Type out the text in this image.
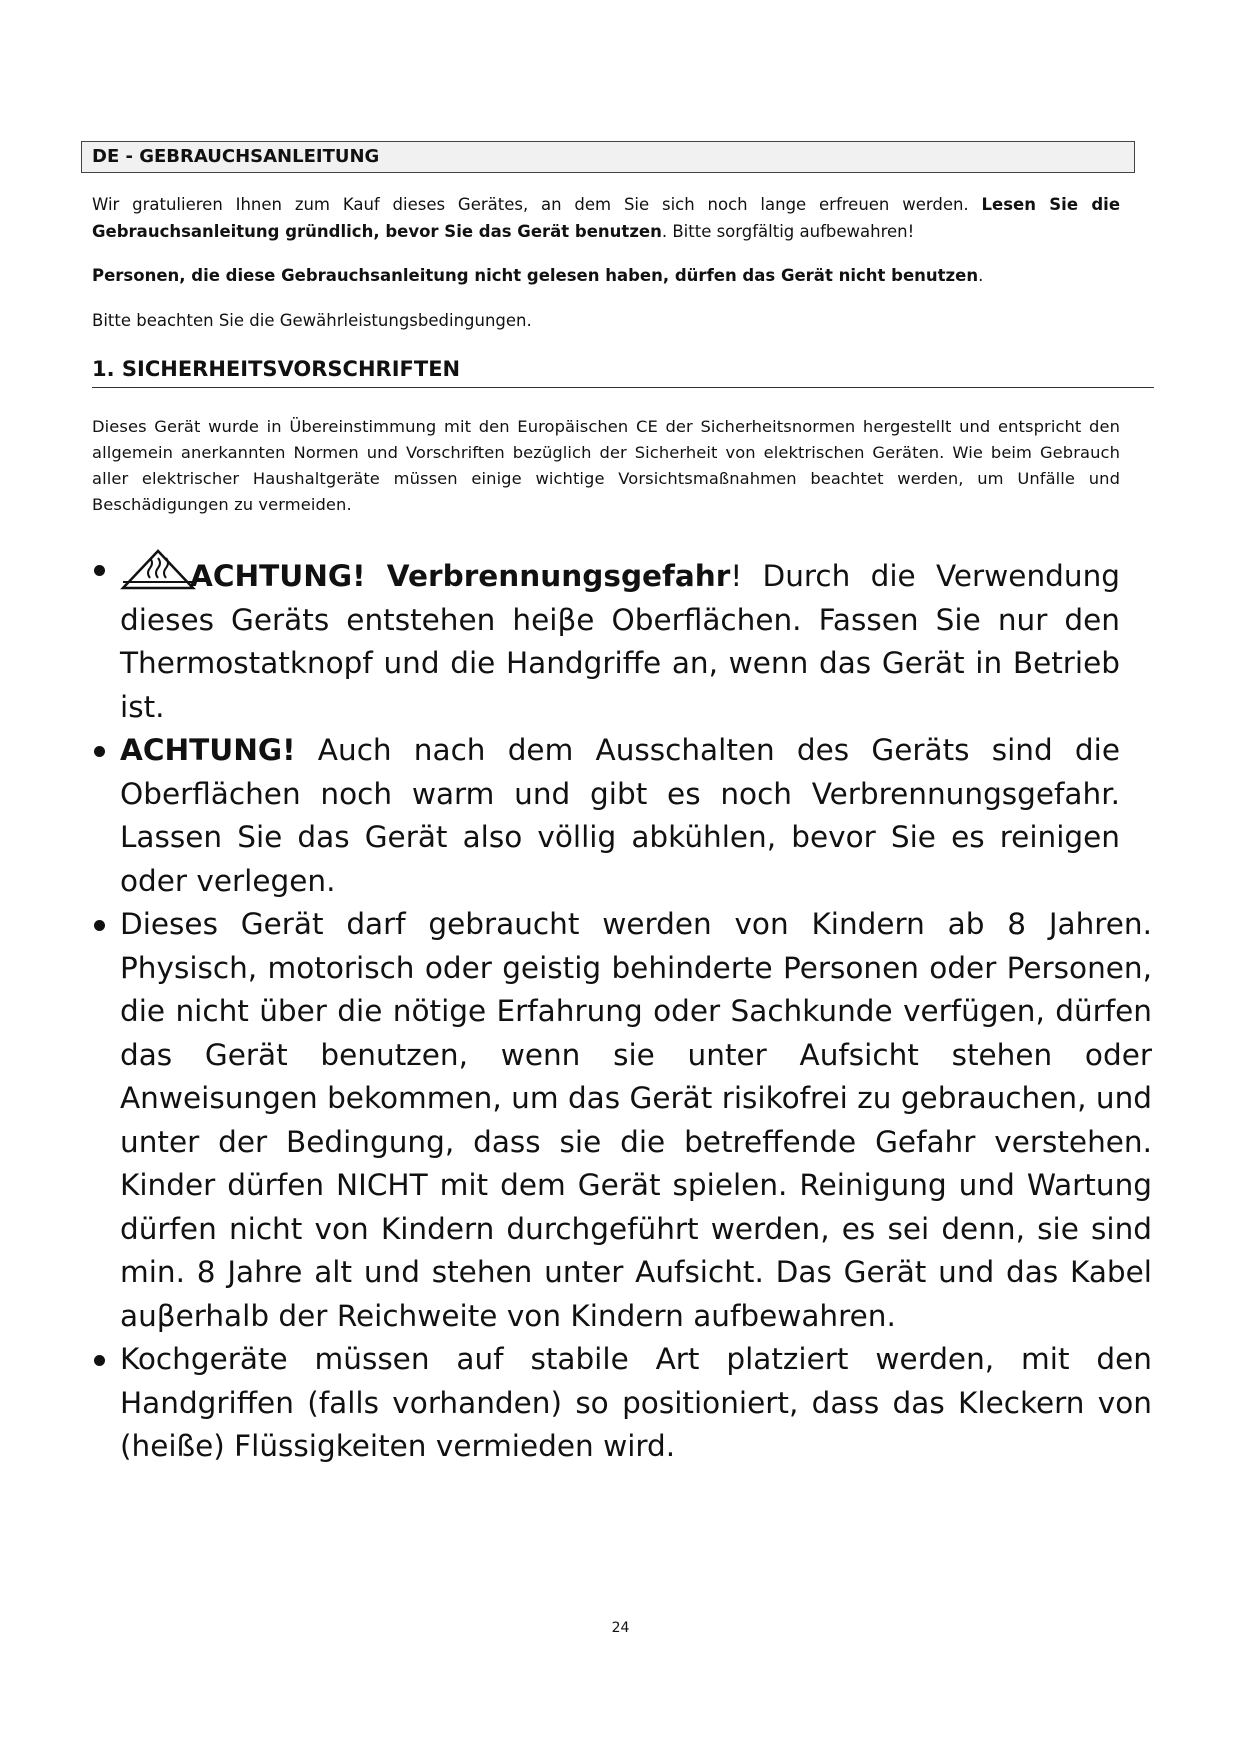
DE - GEBRAUCHSANLEITUNG
Wir gratulieren Ihnen zum Kauf dieses Gerätes, an dem Sie sich noch lange erfreuen werden. Lesen Sie die Gebrauchsanleitung gründlich, bevor Sie das Gerät benutzen. Bitte sorgfältig aufbewahren!
Personen, die diese Gebrauchsanleitung nicht gelesen haben, dürfen das Gerät nicht benutzen.
Bitte beachten Sie die Gewährleistungsbedingungen.
1. SICHERHEITSVORSCHRIFTEN
Dieses Gerät wurde in Übereinstimmung mit den Europäischen CE der Sicherheitsnormen hergestellt und entspricht den allgemein anerkannten Normen und Vorschriften bezüglich der Sicherheit von elektrischen Geräten. Wie beim Gebrauch aller elektrischer Haushaltgeräte müssen einige wichtige Vorsichtsmaßnahmen beachtet werden, um Unfälle und Beschädigungen zu vermeiden.
ACHTUNG! Verbrennungsgefahr! Durch die Verwendung dieses Geräts entstehen heiβe Oberflächen. Fassen Sie nur den Thermostatknopf und die Handgriffe an, wenn das Gerät in Betrieb ist.
ACHTUNG! Auch nach dem Ausschalten des Geräts sind die Oberflächen noch warm und gibt es noch Verbrennungsgefahr. Lassen Sie das Gerät also völlig abkühlen, bevor Sie es reinigen oder verlegen.
Dieses Gerät darf gebraucht werden von Kindern ab 8 Jahren. Physisch, motorisch oder geistig behinderte Personen oder Personen, die nicht über die nötige Erfahrung oder Sachkunde verfügen, dürfen das Gerät benutzen, wenn sie unter Aufsicht stehen oder Anweisungen bekommen, um das Gerät risikofrei zu gebrauchen, und unter der Bedingung, dass sie die betreffende Gefahr verstehen. Kinder dürfen NICHT mit dem Gerät spielen. Reinigung und Wartung dürfen nicht von Kindern durchgeführt werden, es sei denn, sie sind min. 8 Jahre alt und stehen unter Aufsicht. Das Gerät und das Kabel auβerhalb der Reichweite von Kindern aufbewahren.
Kochgeräte müssen auf stabile Art platziert werden, mit den Handgriffen (falls vorhanden) so positioniert, dass das Kleckern von (heiße) Flüssigkeiten vermieden wird.
24
